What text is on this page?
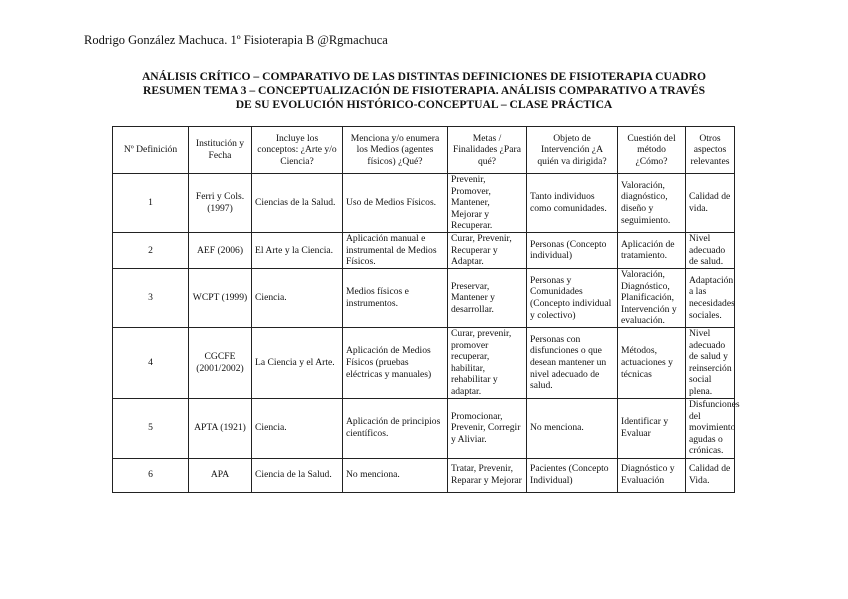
Rodrigo González Machuca. 1º Fisioterapia B @Rgmachuca
ANÁLISIS CRÍTICO – COMPARATIVO DE LAS DISTINTAS DEFINICIONES DE FISIOTERAPIA CUADRO
RESUMEN TEMA 3 – CONCEPTUALIZACIÓN DE FISIOTERAPIA. ANÁLISIS COMPARATIVO A TRAVÉS
DE SU EVOLUCIÓN HISTÓRICO-CONCEPTUAL – CLASE PRÁCTICA
Nº Definición	Institución y Fecha	Incluye los conceptos: ¿Arte y/o Ciencia?	Menciona y/o enumera los Medios (agentes físicos) ¿Qué?	Metas / Finalidades ¿Para qué?	Objeto de Intervención ¿A quién va dirigida?	Cuestión del método ¿Cómo?	Otros aspectos relevantes
1	Ferri y Cols. (1997)	Ciencias de la Salud.	Uso de Medios Físicos.	Prevenir, Promover, Mantener, Mejorar y Recuperar.	Tanto individuos como comunidades.	Valoración, diagnóstico, diseño y seguimiento.	Calidad de vida.
2	AEF (2006)	El Arte y la Ciencia.	Aplicación manual e instrumental de Medios Físicos.	Curar, Prevenir, Recuperar y Adaptar.	Personas (Concepto individual)	Aplicación de tratamiento.	Nivel adecuado de salud.
3	WCPT (1999)	Ciencia.	Medios físicos e instrumentos.	Preservar, Mantener y desarrollar.	Personas y Comunidades (Concepto individual y colectivo)	Valoración, Diagnóstico, Planificación, Intervención y evaluación.	Adaptación a las necesidades sociales.
4	CGCFE (2001/2002)	La Ciencia y el Arte.	Aplicación de Medios Físicos (pruebas eléctricas y manuales)	Curar, prevenir, promover recuperar, habilitar, rehabilitar y adaptar.	Personas con disfunciones o que desean mantener un nivel adecuado de salud.	Métodos, actuaciones y técnicas	Nivel adecuado de salud y reinserción social plena.
5	APTA (1921)	Ciencia.	Aplicación de principios científicos.	Promocionar, Prevenir, Corregir y Aliviar.	No menciona.	Identificar y Evaluar	Disfunciones del movimiento agudas o crónicas.
6	APA	Ciencia de la Salud.	No menciona.	Tratar, Prevenir, Reparar y Mejorar	Pacientes (Concepto Individual)	Diagnóstico y Evaluación	Calidad de Vida.
